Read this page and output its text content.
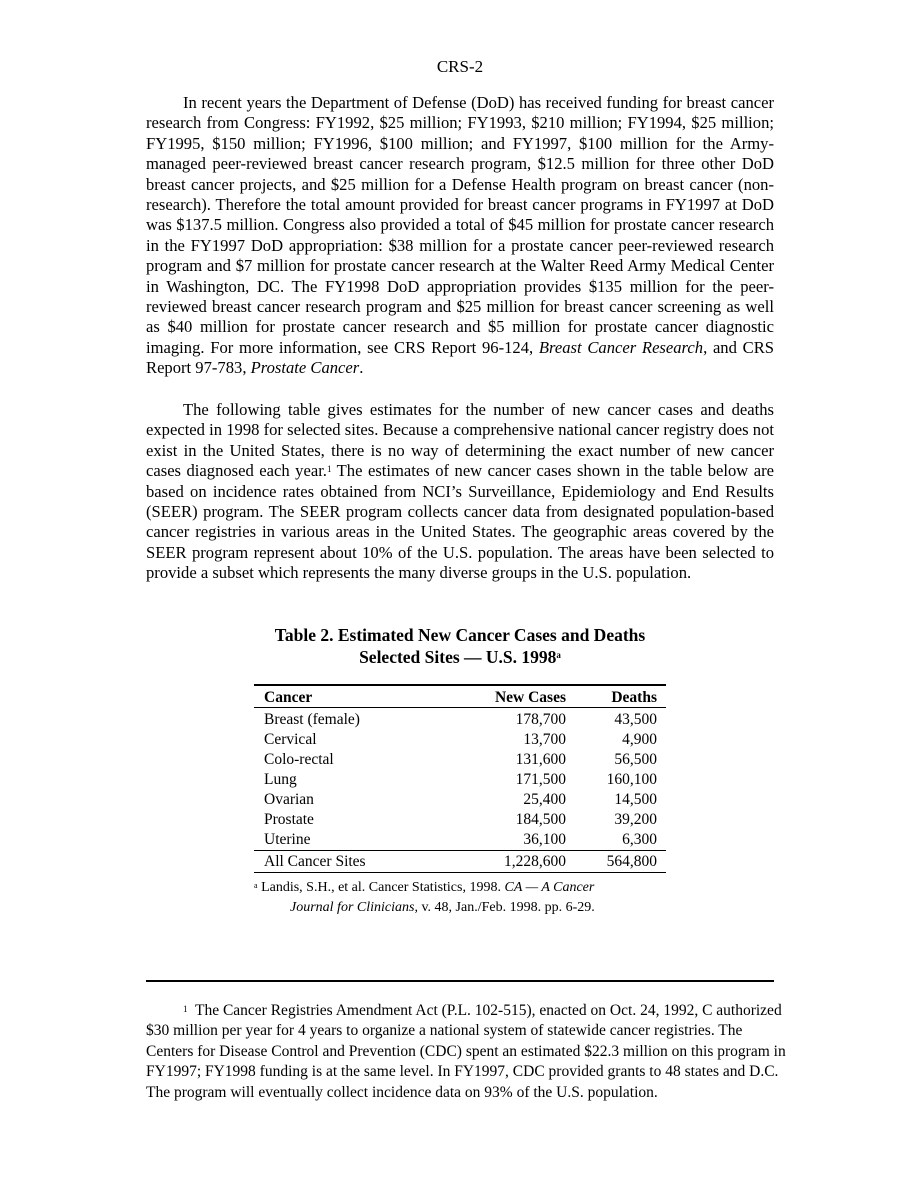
CRS-2

In recent years the Department of Defense (DoD) has received funding for breast cancer research from Congress: FY1992, $25 million; FY1993, $210 million; FY1994, $25 million; FY1995, $150 million; FY1996, $100 million; and FY1997, $100 million for the Army-managed peer-reviewed breast cancer research program, $12.5 million for three other DoD breast cancer projects, and $25 million for a Defense Health program on breast cancer (non-research). Therefore the total amount provided for breast cancer programs in FY1997 at DoD was $137.5 million. Congress also provided a total of $45 million for prostate cancer research in the FY1997 DoD appropriation: $38 million for a prostate cancer peer-reviewed research program and $7 million for prostate cancer research at the Walter Reed Army Medical Center in Washington, DC. The FY1998 DoD appropriation provides $135 million for the peer-reviewed breast cancer research program and $25 million for breast cancer screening as well as $40 million for prostate cancer research and $5 million for prostate cancer diagnostic imaging. For more information, see CRS Report 96-124, Breast Cancer Research, and CRS Report 97-783, Prostate Cancer.

The following table gives estimates for the number of new cancer cases and deaths expected in 1998 for selected sites. Because a comprehensive national cancer registry does not exist in the United States, there is no way of determining the exact number of new cancer cases diagnosed each year.$^1$ The estimates of new cancer cases shown in the table below are based on incidence rates obtained from NCI’s Surveillance, Epidemiology and End Results (SEER) program. The SEER program collects cancer data from designated population-based cancer registries in various areas in the United States. The geographic areas covered by the SEER program represent about 10% of the U.S. population. The areas have been selected to provide a subset which represents the many diverse groups in the U.S. population.

Table 2. Estimated New Cancer Cases and Deaths
Selected Sites — U.S. 1998$^a$
Cancer	New Cases	Deaths
Breast (female)	178,700	43,500
Cervical	13,700	4,900
Colo-rectal	131,600	56,500
Lung	171,500	160,100
Ovarian	25,400	14,500
Prostate	184,500	39,200
Uterine	36,100	6,300
All Cancer Sites	1,228,600	564,800
$^a$ Landis, S.H., et al. Cancer Statistics, 1998. CA — A Cancer
Journal for Clinicians, v. 48, Jan./Feb. 1998. pp. 6-29.

$^1$ The Cancer Registries Amendment Act (P.L. 102-515), enacted on Oct. 24, 1992, C authorized $30 million per year for 4 years to organize a national system of statewide cancer registries. The Centers for Disease Control and Prevention (CDC) spent an estimated $22.3 million on this program in FY1997; FY1998 funding is at the same level. In FY1997, CDC provided grants to 48 states and D.C. The program will eventually collect incidence data on 93% of the U.S. population.
